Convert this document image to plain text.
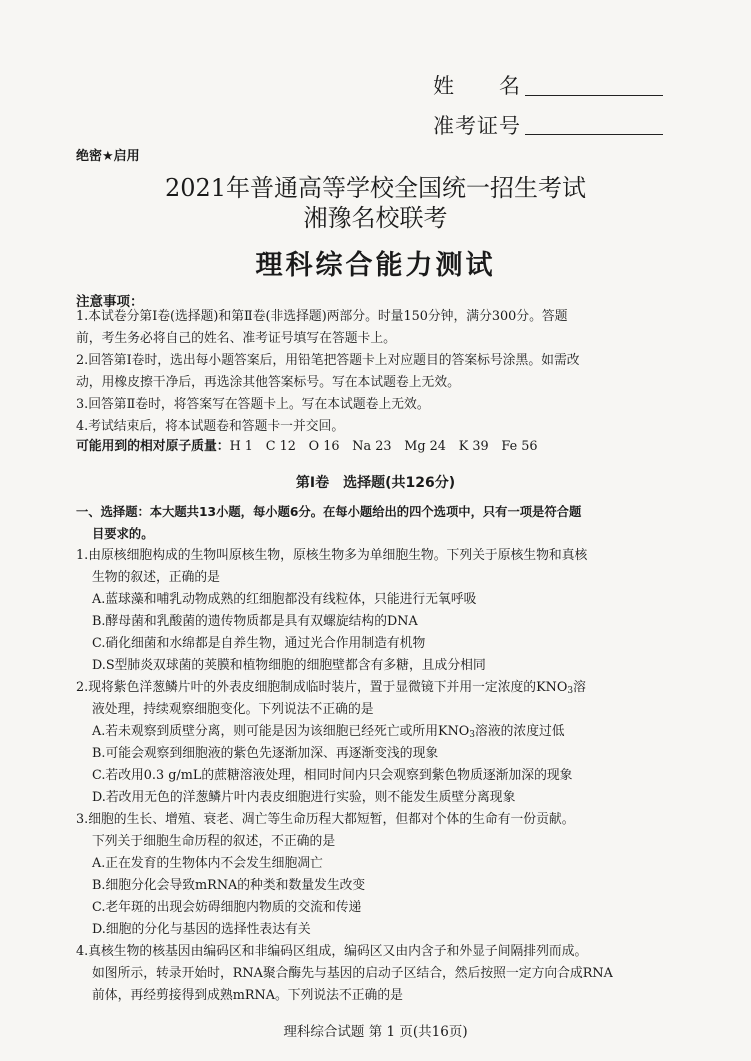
姓　　名
准考证号
绝密★启用
2021年普通高等学校全国统一招生考试
湘豫名校联考
理科综合能力测试
注意事项：
1.本试卷分第Ⅰ卷(选择题)和第Ⅱ卷(非选择题)两部分。时量150分钟，满分300分。答题
前，考生务必将自己的姓名、准考证号填写在答题卡上。
2.回答第Ⅰ卷时，选出每小题答案后，用铅笔把答题卡上对应题目的答案标号涂黑。如需改
动，用橡皮擦干净后，再选涂其他答案标号。写在本试题卷上无效。
3.回答第Ⅱ卷时，将答案写在答题卡上。写在本试题卷上无效。
4.考试结束后，将本试题卷和答题卡一并交回。
可能用到的相对原子质量：H 1　C 12　O 16　Na 23　Mg 24　K 39　Fe 56
第Ⅰ卷　选择题(共126分)
一、选择题：本大题共13小题，每小题6分。在每小题给出的四个选项中，只有一项是符合题
目要求的。
1.由原核细胞构成的生物叫原核生物，原核生物多为单细胞生物。下列关于原核生物和真核
生物的叙述，正确的是
A.蓝球藻和哺乳动物成熟的红细胞都没有线粒体，只能进行无氧呼吸
B.酵母菌和乳酸菌的遗传物质都是具有双螺旋结构的DNA
C.硝化细菌和水绵都是自养生物，通过光合作用制造有机物
D.S型肺炎双球菌的荚膜和植物细胞的细胞壁都含有多糖，且成分相同
2.现将紫色洋葱鳞片叶的外表皮细胞制成临时装片，置于显微镜下并用一定浓度的$KNO_3$溶
液处理，持续观察细胞变化。下列说法不正确的是
A.若未观察到质壁分离，则可能是因为该细胞已经死亡或所用$KNO_3$溶液的浓度过低
B.可能会观察到细胞液的紫色先逐渐加深、再逐渐变浅的现象
C.若改用0.3 g/mL的蔗糖溶液处理，相同时间内只会观察到紫色物质逐渐加深的现象
D.若改用无色的洋葱鳞片叶内表皮细胞进行实验，则不能发生质壁分离现象
3.细胞的生长、增殖、衰老、凋亡等生命历程大都短暂，但都对个体的生命有一份贡献。
下列关于细胞生命历程的叙述，不正确的是
A.正在发育的生物体内不会发生细胞凋亡
B.细胞分化会导致mRNA的种类和数量发生改变
C.老年斑的出现会妨碍细胞内物质的交流和传递
D.细胞的分化与基因的选择性表达有关
4.真核生物的核基因由编码区和非编码区组成，编码区又由内含子和外显子间隔排列而成。
如图所示，转录开始时，RNA聚合酶先与基因的启动子区结合，然后按照一定方向合成RNA
前体，再经剪接得到成熟mRNA。下列说法不正确的是
理科综合试题 第 1 页(共16页)
